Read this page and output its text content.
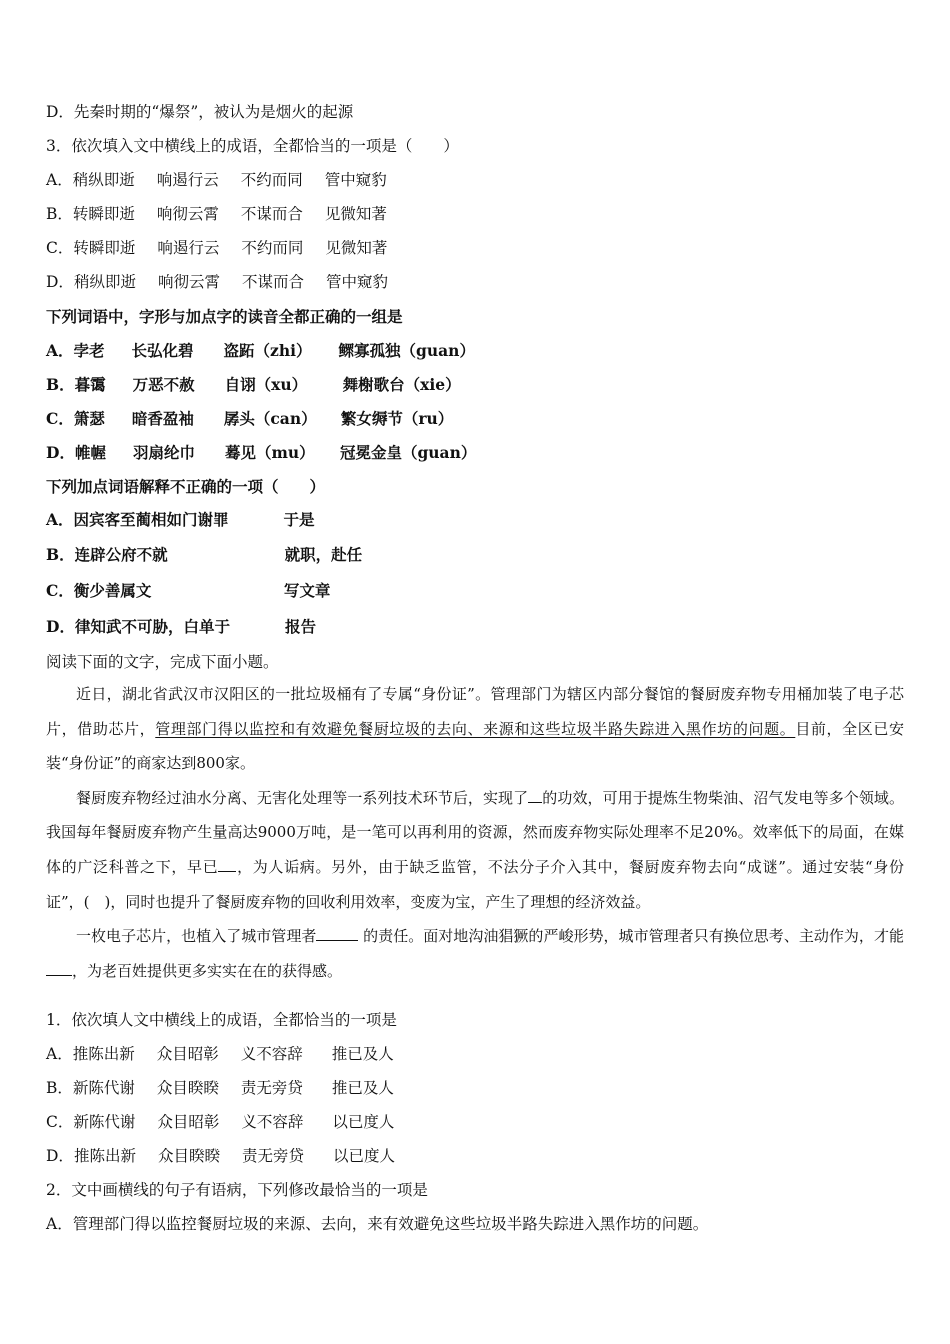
D．先秦时期的“爆祭”，被认为是烟火的起源
3．依次填入文中横线上的成语，全都恰当的一项是（　　）
A．稍纵即逝 响遏行云 不约而同 管中窥豹
B．转瞬即逝 响彻云霄 不谋而合 见微知著
C．转瞬即逝 响遏行云 不约而同 见微知著
D．稍纵即逝 响彻云霄 不谋而合 管中窥豹
下列词语中，字形与加点字的读音全都正确的一组是
A．孛老 长弘化碧 盗跖（zhi） 鳏寡孤独（guan）
B．暮霭 万恶不赦 自诩（xu） 舞榭歌台（xie）
C．箫瑟 暗香盈袖 孱头（can） 繁女缛节（ru）
D．帷幄 羽扇纶巾 蓦见（mu） 冠冕金皇（guan）
下列加点词语解释不正确的一项（　　）
A．因宾客至蔺相如门谢罪	于是
B．连辟公府不就	就职，赴任
C．衡少善属文	写文章
D．律知武不可胁，白单于	报告
阅读下面的文字，完成下面小题。

近日，湖北省武汉市汉阳区的一批垃圾桶有了专属“身份证”。管理部门为辖区内部分餐馆的餐厨废弃物专用桶加装了电子芯片，借助芯片，管理部门得以监控和有效避免餐厨垃圾的去向、来源和这些垃圾半路失踪进入黑作坊的问题。目前，全区已安装“身份证”的商家达到800家。

餐厨废弃物经过油水分离、无害化处理等一系列技术环节后，实现了 的功效，可用于提炼生物柴油、沼气发电等多个领域。我国每年餐厨废弃物产生量高达9000万吨，是一笔可以再利用的资源，然而废弃物实际处理率不足20%。效率低下的局面，在媒体的广泛科普之下，早已 ，为人诟病。另外，由于缺乏监管，不法分子介入其中，餐厨废弃物去向“成谜”。通过安装“身份证”，(　)，同时也提升了餐厨废弃物的回收利用效率，变废为宝，产生了理想的经济效益。

一枚电子芯片，也植入了城市管理者	的责任。面对地沟油猖獗的严峻形势，城市管理者只有换位思考、主动作为，才能，为老百姓提供更多实实在在的获得感。

1．依次填人文中横线上的成语，全都恰当的一项是
A．推陈出新 众目昭彰 义不容辞 推已及人
B．新陈代谢 众目睽睽 责无旁贷 推已及人
C．新陈代谢 众目昭彰 义不容辞 以已度人
D．推陈出新 众目睽睽 责无旁贷 以已度人
2．文中画横线的句子有语病，下列修改最恰当的一项是
A．管理部门得以监控餐厨垃圾的来源、去向，来有效避免这些垃圾半路失踪进入黑作坊的问题。
